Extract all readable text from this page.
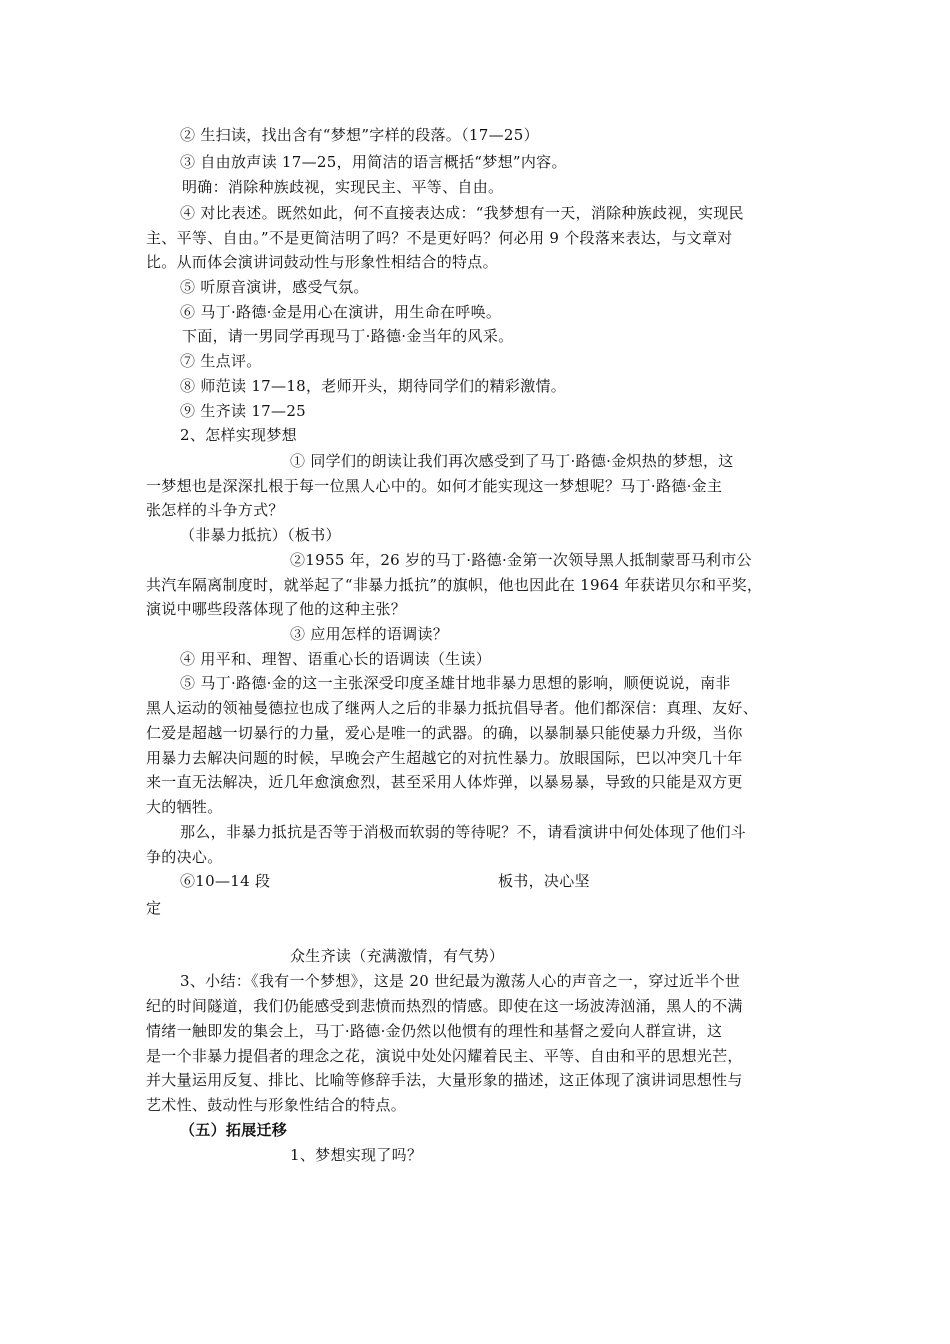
② 生扫读，找出含有“梦想”字样的段落。（17—25）
③ 自由放声读 17—25，用简洁的语言概括“梦想”内容。
明确：消除种族歧视，实现民主、平等、自由。
④ 对比表述。既然如此，何不直接表达成：“我梦想有一天，消除种族歧视，实现民
主、平等、自由。”不是更简洁明了吗？不是更好吗？何必用 9 个段落来表达，与文章对
比。从而体会演讲词鼓动性与形象性相结合的特点。
⑤ 听原音演讲，感受气氛。
⑥ 马丁·路德·金是用心在演讲，用生命在呼唤。
下面，请一男同学再现马丁·路德·金当年的风采。
⑦ 生点评。
⑧ 师范读 17—18，老师开头，期待同学们的精彩激情。
⑨ 生齐读 17—25
2、怎样实现梦想
① 同学们的朗读让我们再次感受到了马丁·路德·金炽热的梦想，这
一梦想也是深深扎根于每一位黑人心中的。如何才能实现这一梦想呢？马丁·路德·金主
张怎样的斗争方式？
（非暴力抵抗）（板书）
②1955 年，26 岁的马丁·路德·金第一次领导黑人抵制蒙哥马利市公
共汽车隔离制度时，就举起了“非暴力抵抗”的旗帜，他也因此在 1964 年获诺贝尔和平奖，
演说中哪些段落体现了他的这种主张？
③ 应用怎样的语调读？
④ 用平和、理智、语重心长的语调读（生读）
⑤ 马丁·路德·金的这一主张深受印度圣雄甘地非暴力思想的影响，顺便说说，南非
黑人运动的领袖曼德拉也成了继两人之后的非暴力抵抗倡导者。他们都深信：真理、友好、
仁爱是超越一切暴行的力量，爱心是唯一的武器。的确，以暴制暴只能使暴力升级，当你
用暴力去解决问题的时候，早晚会产生超越它的对抗性暴力。放眼国际，巴以冲突几十年
来一直无法解决，近几年愈演愈烈，甚至采用人体炸弹，以暴易暴，导致的只能是双方更
大的牺牲。
那么，非暴力抵抗是否等于消极而软弱的等待呢？不，请看演讲中何处体现了他们斗
争的决心。
⑥10—14 段	板书，决心坚
定
众生齐读（充满激情，有气势）
3、小结：《我有一个梦想》，这是 20 世纪最为激荡人心的声音之一，穿过近半个世
纪的时间隧道，我们仍能感受到悲愤而热烈的情感。即使在这一场波涛汹涌，黑人的不满
情绪一触即发的集会上，马丁·路德·金仍然以他惯有的理性和基督之爱向人群宣讲，这
是一个非暴力提倡者的理念之花，演说中处处闪耀着民主、平等、自由和平的思想光芒，
并大量运用反复、排比、比喻等修辞手法，大量形象的描述，这正体现了演讲词思想性与
艺术性、鼓动性与形象性结合的特点。
（五）拓展迁移
1、梦想实现了吗？
